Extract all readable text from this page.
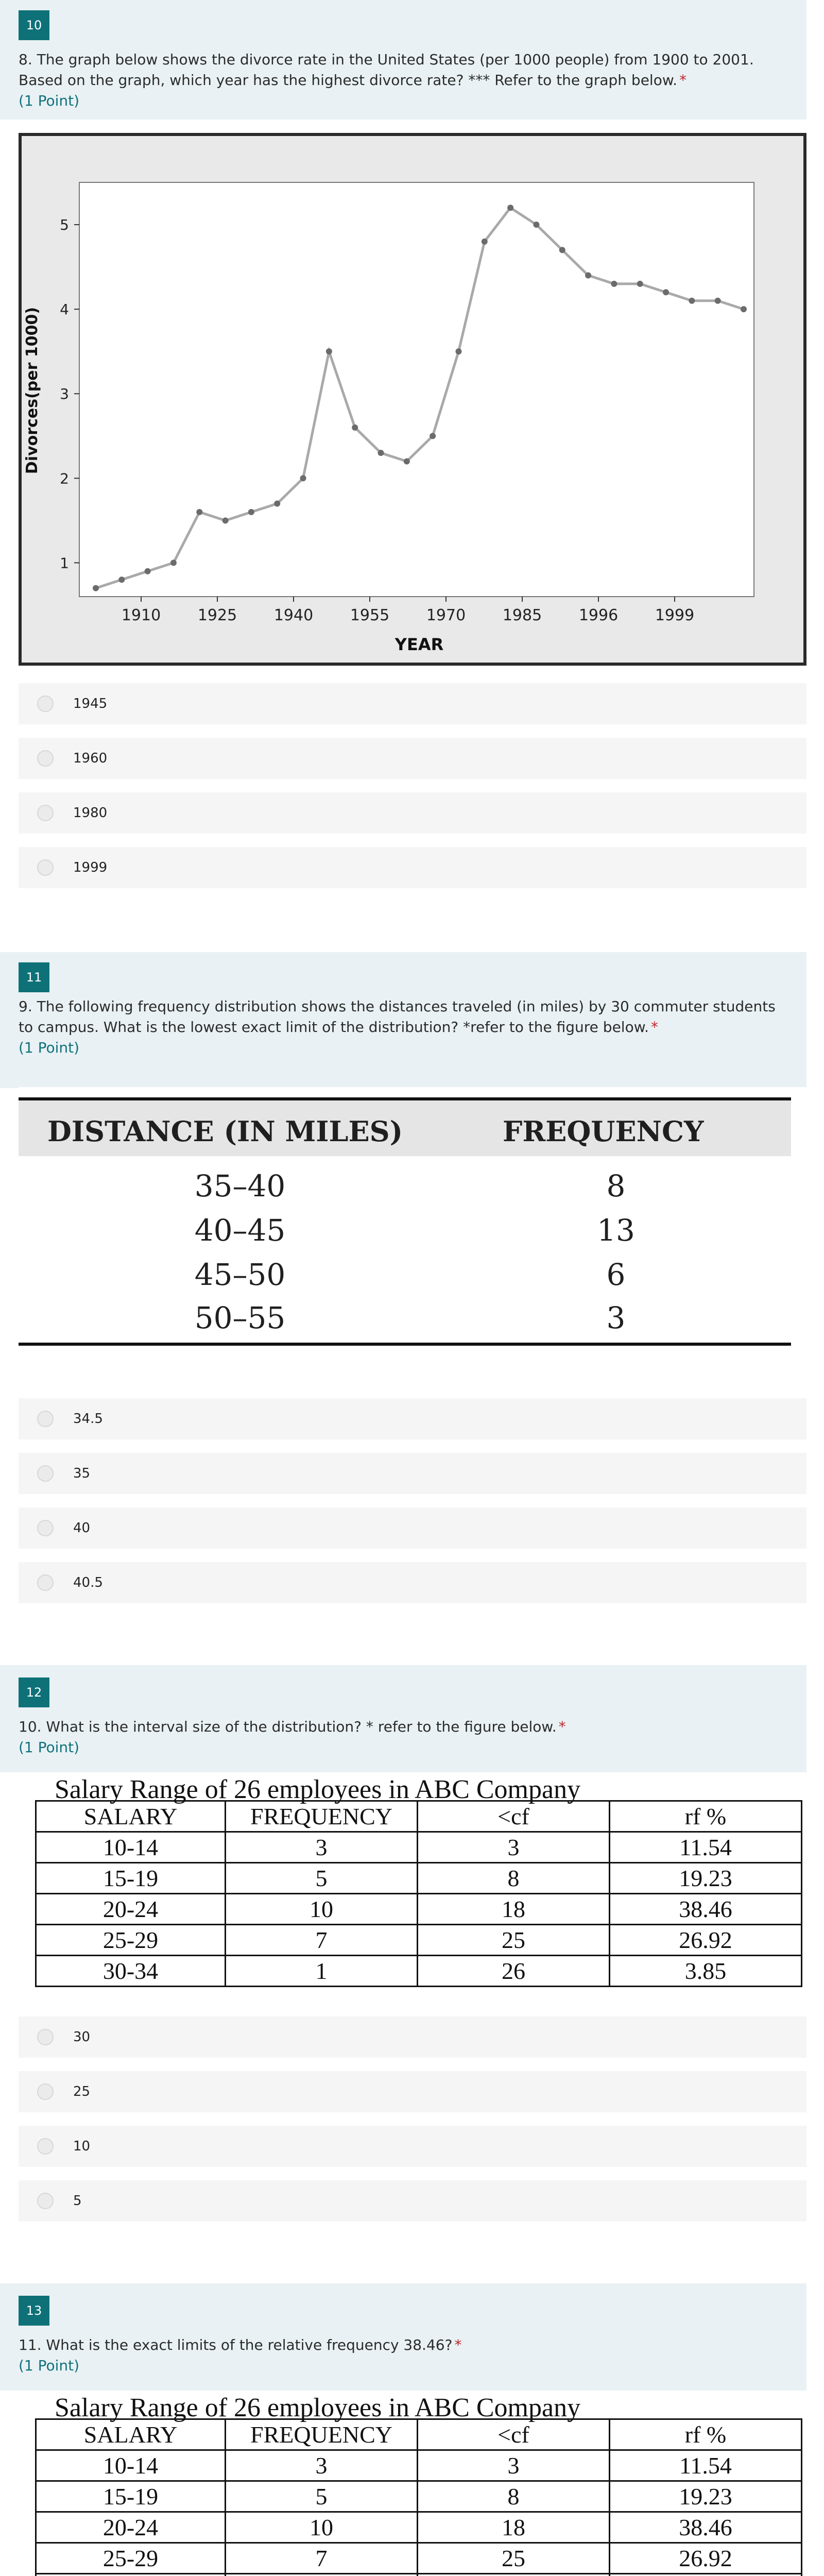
10
8. The graph below shows the divorce rate in the United States (per 1000 people) from 1900 to 2001. Based on the graph, which year has the highest divorce rate? *** Refer to the graph below. *
(1 Point)
Divorces(per 1000)
YEAR
1
2
3
4
5
1910 1925 1940 1955 1970 1985 1996 1999
1945
1960
1980
1999
11
9. The following frequency distribution shows the distances traveled (in miles) by 30 commuter students to campus. What is the lowest exact limit of the distribution? *refer to the figure below. *
(1 Point)
DISTANCE (IN MILES)	FREQUENCY
35–40	8
40–45	13
45–50	6
50–55	3
34.5
35
40
40.5
12
10. What is the interval size of the distribution? * refer to the figure below. *
(1 Point)
Salary Range of 26 employees in ABC Company
SALARY	FREQUENCY	<cf	rf %
10-14	3	3	11.54
15-19	5	8	19.23
20-24	10	18	38.46
25-29	7	25	26.92
30-34	1	26	3.85
30
25
10
5
13
11. What is the exact limits of the relative frequency 38.46? *
(1 Point)
Salary Range of 26 employees in ABC Company
SALARY	FREQUENCY	<cf	rf %
10-14	3	3	11.54
15-19	5	8	19.23
20-24	10	18	38.46
25-29	7	25	26.92
